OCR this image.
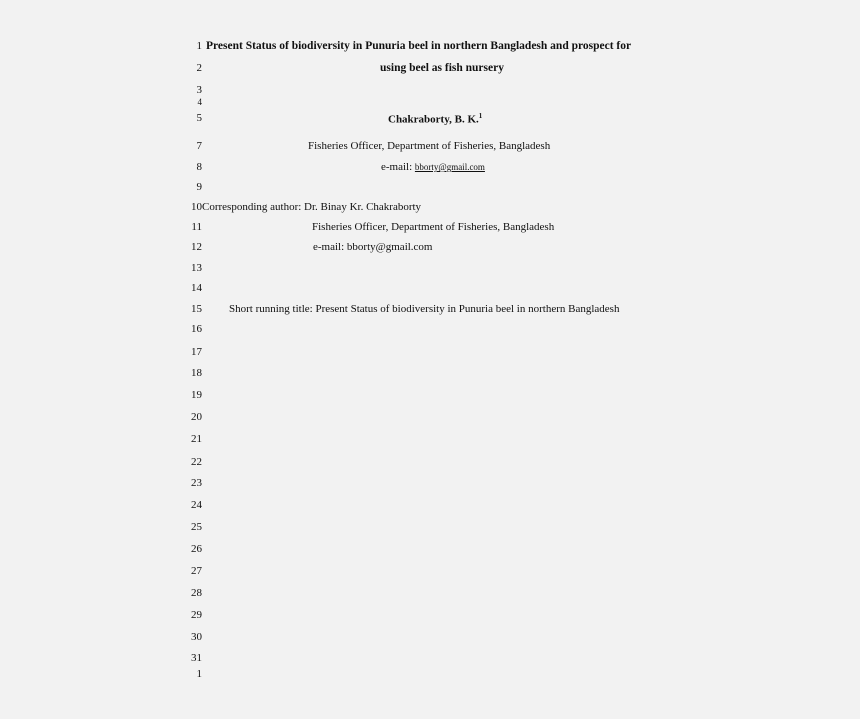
1
2
3
4
5
7
8
9
10
11
12
13
14
15
16
17
18
19
20
21
22
23
24
25
26
27
28
29
30
31
1
Present Status of biodiversity in Punuria beel in northern Bangladesh and prospect for
using beel as fish nursery
Chakraborty, B. K.$^1$
Fisheries Officer, Department of Fisheries, Bangladesh
e-mail: bborty@gmail.com
Corresponding author: Dr. Binay Kr. Chakraborty
Fisheries Officer, Department of Fisheries, Bangladesh
e-mail: bborty@gmail.com
Short running title: Present Status of biodiversity in Punuria beel in northern Bangladesh
